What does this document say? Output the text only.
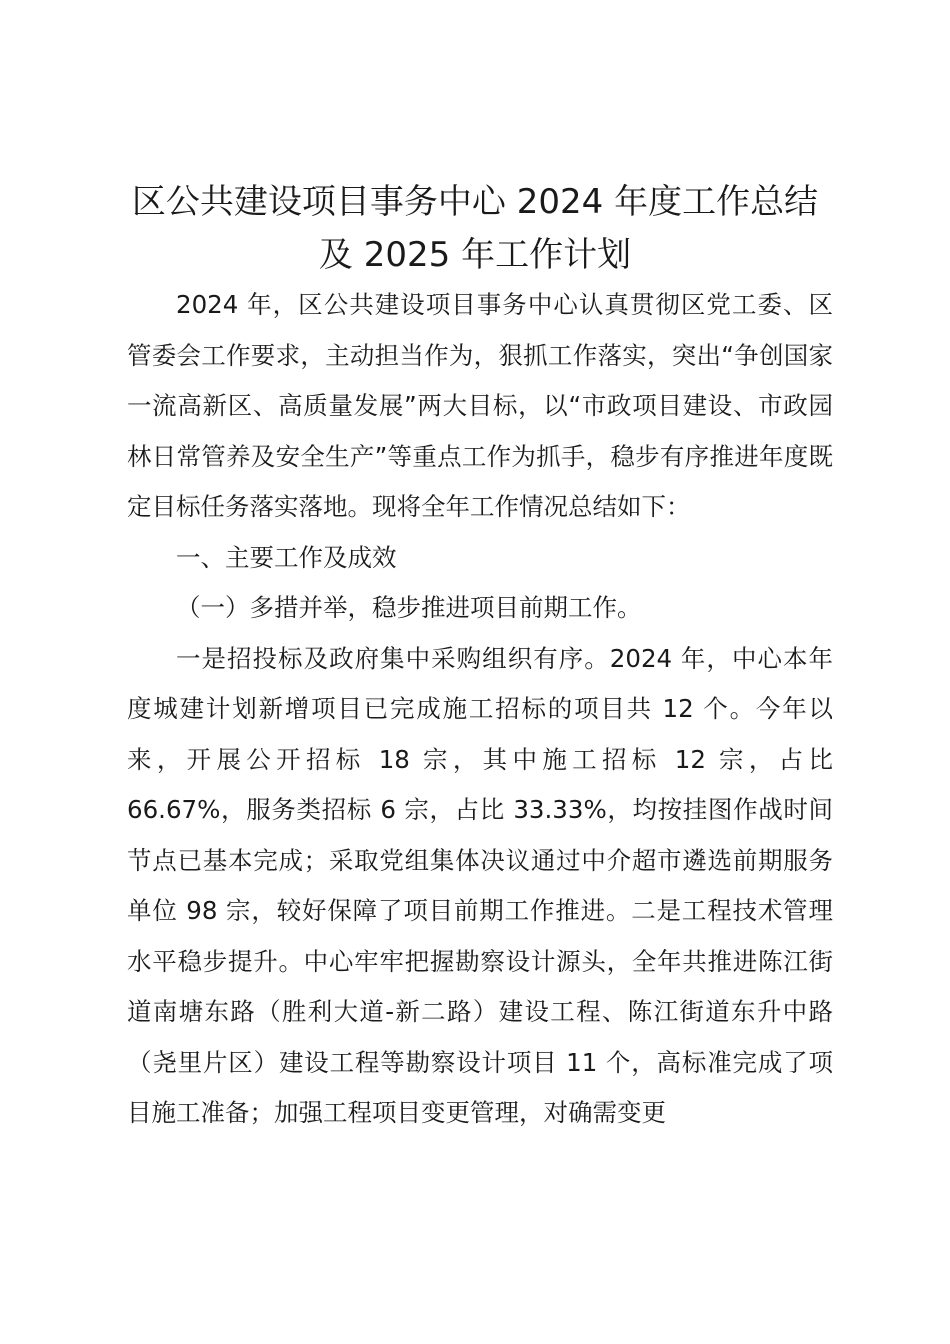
区公共建设项目事务中心 2024 年度工作总结
及 2025 年工作计划

2024 年，区公共建设项目事务中心认真贯彻区党工委、区管委会工作要求，主动担当作为，狠抓工作落实，突出“争创国家一流高新区、高质量发展”两大目标，以“市政项目建设、市政园林日常管养及安全生产”等重点工作为抓手，稳步有序推进年度既定目标任务落实落地。现将全年工作情况总结如下：

一、主要工作及成效

（一）多措并举，稳步推进项目前期工作。

一是招投标及政府集中采购组织有序。2024 年，中心本年度城建计划新增项目已完成施工招标的项目共 12 个。今年以来，开展公开招标 18 宗，其中施工招标 12 宗，占比 66.67%，服务类招标 6 宗，占比 33.33%，均按挂图作战时间节点已基本完成；采取党组集体决议通过中介超市遴选前期服务单位 98 宗，较好保障了项目前期工作推进。二是工程技术管理水平稳步提升。中心牢牢把握勘察设计源头，全年共推进陈江街道南塘东路（胜利大道-新二路）建设工程、陈江街道东升中路（尧里片区）建设工程等勘察设计项目 11 个，高标准完成了项目施工准备；加强工程项目变更管理，对确需变更
